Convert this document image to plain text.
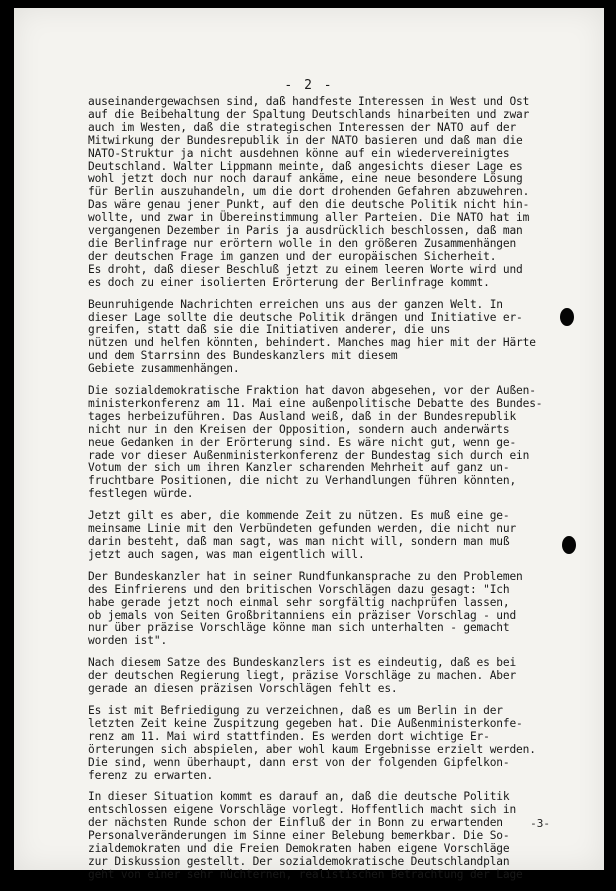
- 2 -

auseinandergewachsen sind, daß handfeste Interessen in West und Ost
auf die Beibehaltung der Spaltung Deutschlands hinarbeiten und zwar
auch im Westen, daß die strategischen Interessen der NATO auf der
Mitwirkung der Bundesrepublik in der NATO basieren und daß man die
NATO-Struktur ja nicht ausdehnen könne auf ein wiedervereinigtes
Deutschland. Walter Lippmann meinte, daß angesichts dieser Lage es
wohl jetzt doch nur noch darauf ankäme, eine neue besondere Lösung
für Berlin auszuhandeln, um die dort drohenden Gefahren abzuwehren.
Das wäre genau jener Punkt, auf den die deutsche Politik nicht hin-
wollte, und zwar in Übereinstimmung aller Parteien. Die NATO hat im
vergangenen Dezember in Paris ja ausdrücklich beschlossen, daß man
die Berlinfrage nur erörtern wolle in den größeren Zusammenhängen
der deutschen Frage im ganzen und der europäischen Sicherheit.
Es droht, daß dieser Beschluß jetzt zu einem leeren Worte wird und
es doch zu einer isolierten Erörterung der Berlinfrage kommt.

Beunruhigende Nachrichten erreichen uns aus der ganzen Welt. In
dieser Lage sollte die deutsche Politik drängen und Initiative er-
greifen, statt daß sie die Initiativen anderer, die uns
nützen und helfen könnten, behindert. Manches mag hier mit der Härte
und dem Starrsinn des Bundeskanzlers mit diesem
Gebiete zusammenhängen.

Die sozialdemokratische Fraktion hat davon abgesehen, vor der Außen-
ministerkonferenz am 11. Mai eine außenpolitische Debatte des Bundes-
tages herbeizuführen. Das Ausland weiß, daß in der Bundesrepublik
nicht nur in den Kreisen der Opposition, sondern auch anderwärts
neue Gedanken in der Erörterung sind. Es wäre nicht gut, wenn ge-
rade vor dieser Außenministerkonferenz der Bundestag sich durch ein
Votum der sich um ihren Kanzler scharenden Mehrheit auf ganz un-
fruchtbare Positionen, die nicht zu Verhandlungen führen könnten,
festlegen würde.

Jetzt gilt es aber, die kommende Zeit zu nützen. Es muß eine ge-
meinsame Linie mit den Verbündeten gefunden werden, die nicht nur
darin besteht, daß man sagt, was man nicht will, sondern man muß
jetzt auch sagen, was man eigentlich will.

Der Bundeskanzler hat in seiner Rundfunkansprache zu den Problemen
des Einfrierens und den britischen Vorschlägen dazu gesagt: "Ich
habe gerade jetzt noch einmal sehr sorgfältig nachprüfen lassen,
ob jemals von Seiten Großbritanniens ein präziser Vorschlag - und
nur über präzise Vorschläge könne man sich unterhalten - gemacht
worden ist".

Nach diesem Satze des Bundeskanzlers ist es eindeutig, daß es bei
der deutschen Regierung liegt, präzise Vorschläge zu machen. Aber
gerade an diesen präzisen Vorschlägen fehlt es.

Es ist mit Befriedigung zu verzeichnen, daß es um Berlin in der
letzten Zeit keine Zuspitzung gegeben hat. Die Außenministerkonfe-
renz am 11. Mai wird stattfinden. Es werden dort wichtige Er-
örterungen sich abspielen, aber wohl kaum Ergebnisse erzielt werden.
Die sind, wenn überhaupt, dann erst von der folgenden Gipfelkon-
ferenz zu erwarten.

In dieser Situation kommt es darauf an, daß die deutsche Politik
entschlossen eigene Vorschläge vorlegt. Hoffentlich macht sich in
der nächsten Runde schon der Einfluß der in Bonn zu erwartenden
Personalveränderungen im Sinne einer Belebung bemerkbar. Die So-
zialdemokraten und die Freien Demokraten haben eigene Vorschläge
zur Diskussion gestellt. Der sozialdemokratische Deutschlandplan
geht von einer sehr nüchternen, realistischen Betrachtung der Lage

-3-
